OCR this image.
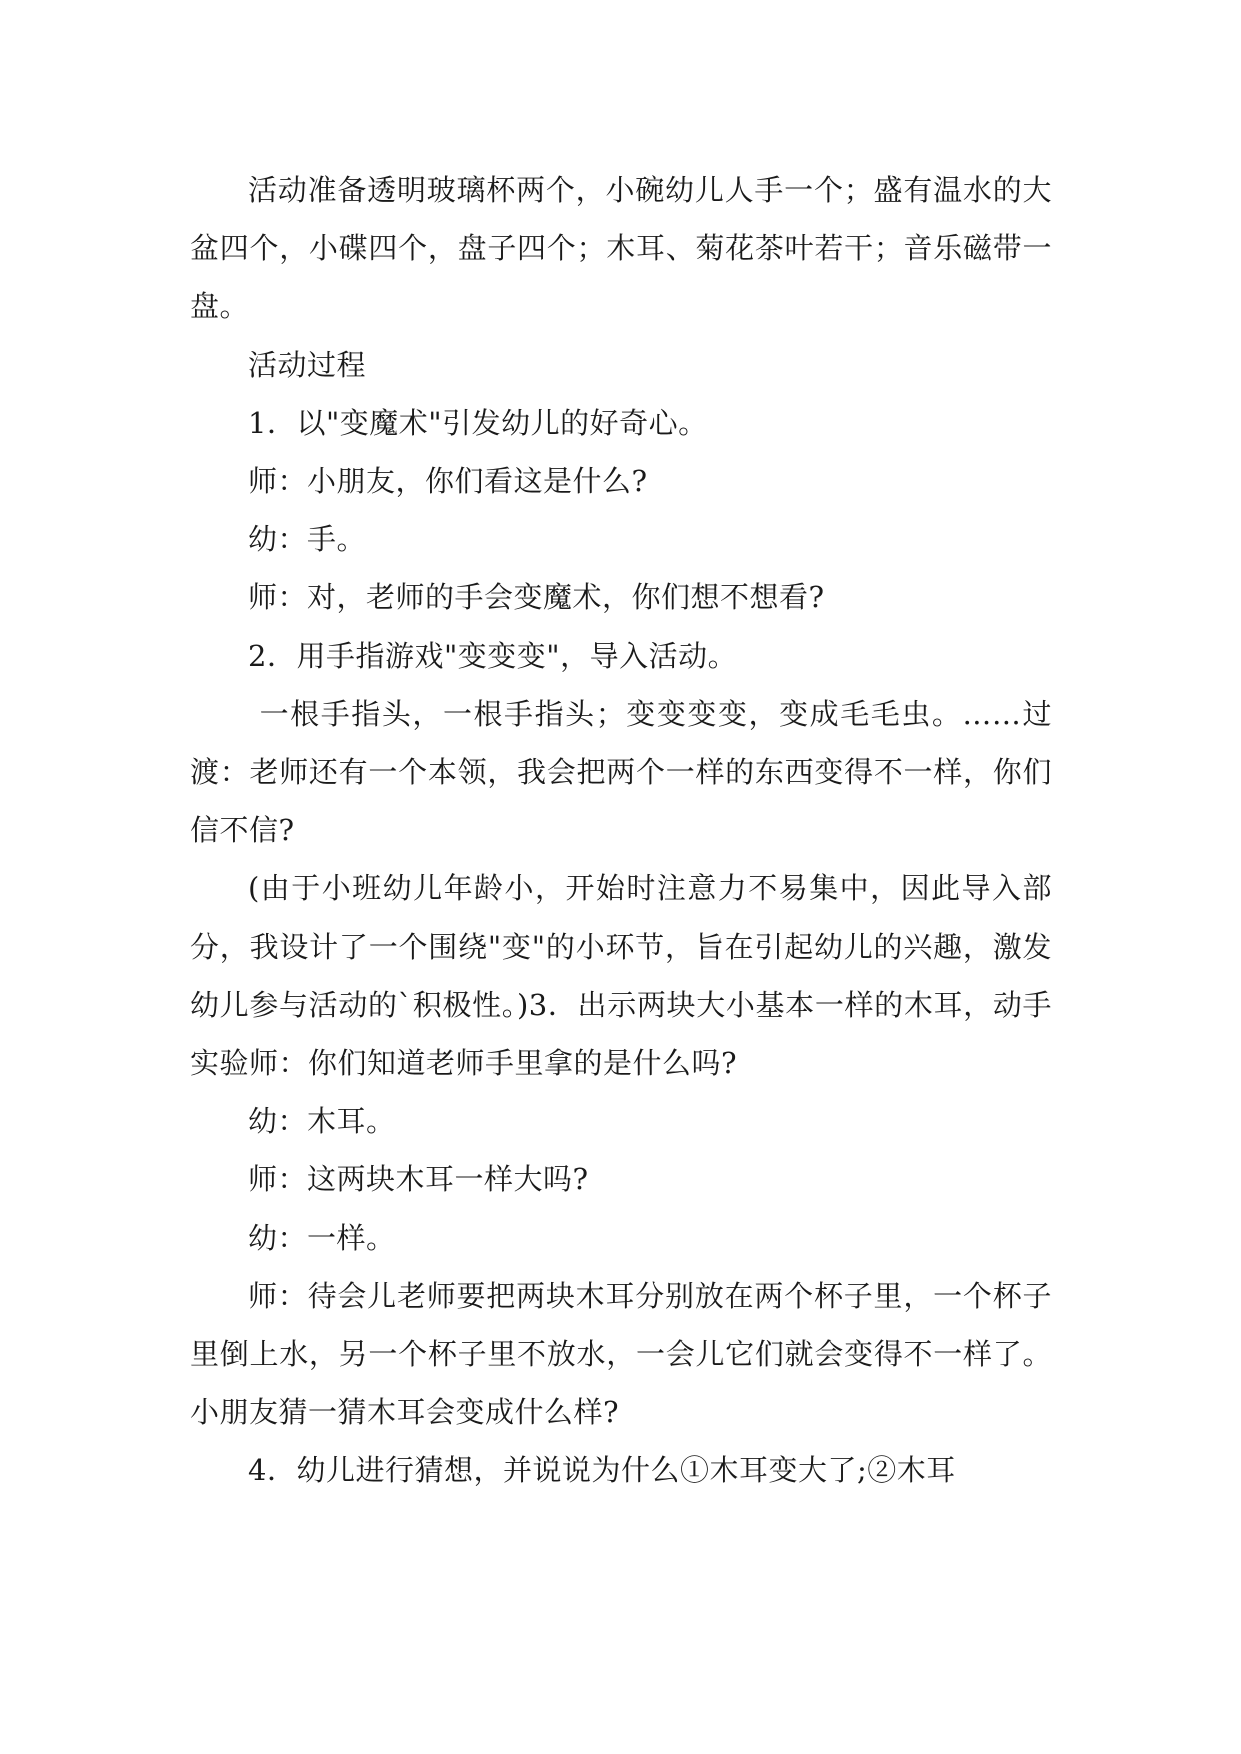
活动准备透明玻璃杯两个，小碗幼儿人手一个；盛有温水的大盆四个，小碟四个，盘子四个；木耳、菊花茶叶若干；音乐磁带一盘。

活动过程

1．以"变魔术"引发幼儿的好奇心。

师：小朋友，你们看这是什么?

幼：手。

师：对，老师的手会变魔术，你们想不想看?

2．用手指游戏"变变变"，导入活动。

一根手指头，一根手指头；变变变变，变成毛毛虫。……过渡：老师还有一个本领，我会把两个一样的东西变得不一样，你们信不信?

(由于小班幼儿年龄小，开始时注意力不易集中，因此导入部分，我设计了一个围绕"变"的小环节，旨在引起幼儿的兴趣，激发幼儿参与活动的`积极性。)3．出示两块大小基本一样的木耳，动手实验师：你们知道老师手里拿的是什么吗?

幼：木耳。

师：这两块木耳一样大吗?

幼：一样。

师：待会儿老师要把两块木耳分别放在两个杯子里，一个杯子里倒上水，另一个杯子里不放水，一会儿它们就会变得不一样了。小朋友猜一猜木耳会变成什么样?

4．幼儿进行猜想，并说说为什么①木耳变大了;②木耳
